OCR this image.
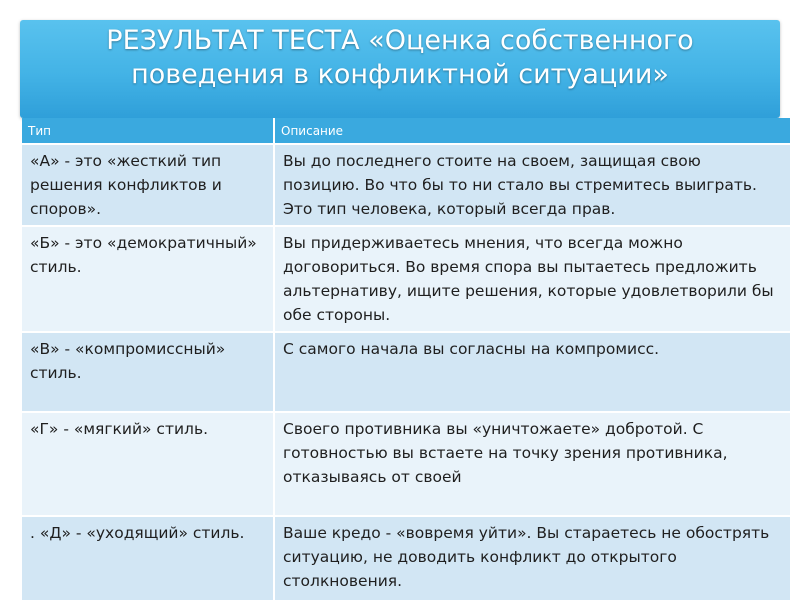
РЕЗУЛЬТАТ ТЕСТА «Оценка собственного
поведения в конфликтной ситуации»
Тип	Описание
«А» - это «жесткий тип решения конфликтов и споров».	Вы до последнего стоите на своем, защищая свою позицию. Во что бы то ни стало вы стремитесь выиграть. Это тип человека, который всегда прав.
«Б» - это «демократичный» стиль.	Вы придерживаетесь мнения, что всегда можно договориться. Во время спора вы пытаетесь предложить альтернативу, ищите решения, которые удовлетворили бы обе стороны.
«В» - «компромиссный» стиль.	С самого начала вы согласны на компромисс.
«Г» - «мягкий» стиль.	Своего противника вы «уничтожаете» добротой. С готовностью вы встаете на точку зрения противника, отказываясь от своей
. «Д» - «уходящий» стиль.	Ваше кредо - «вовремя уйти». Вы стараетесь не обострять ситуацию, не доводить конфликт до открытого столкновения.
